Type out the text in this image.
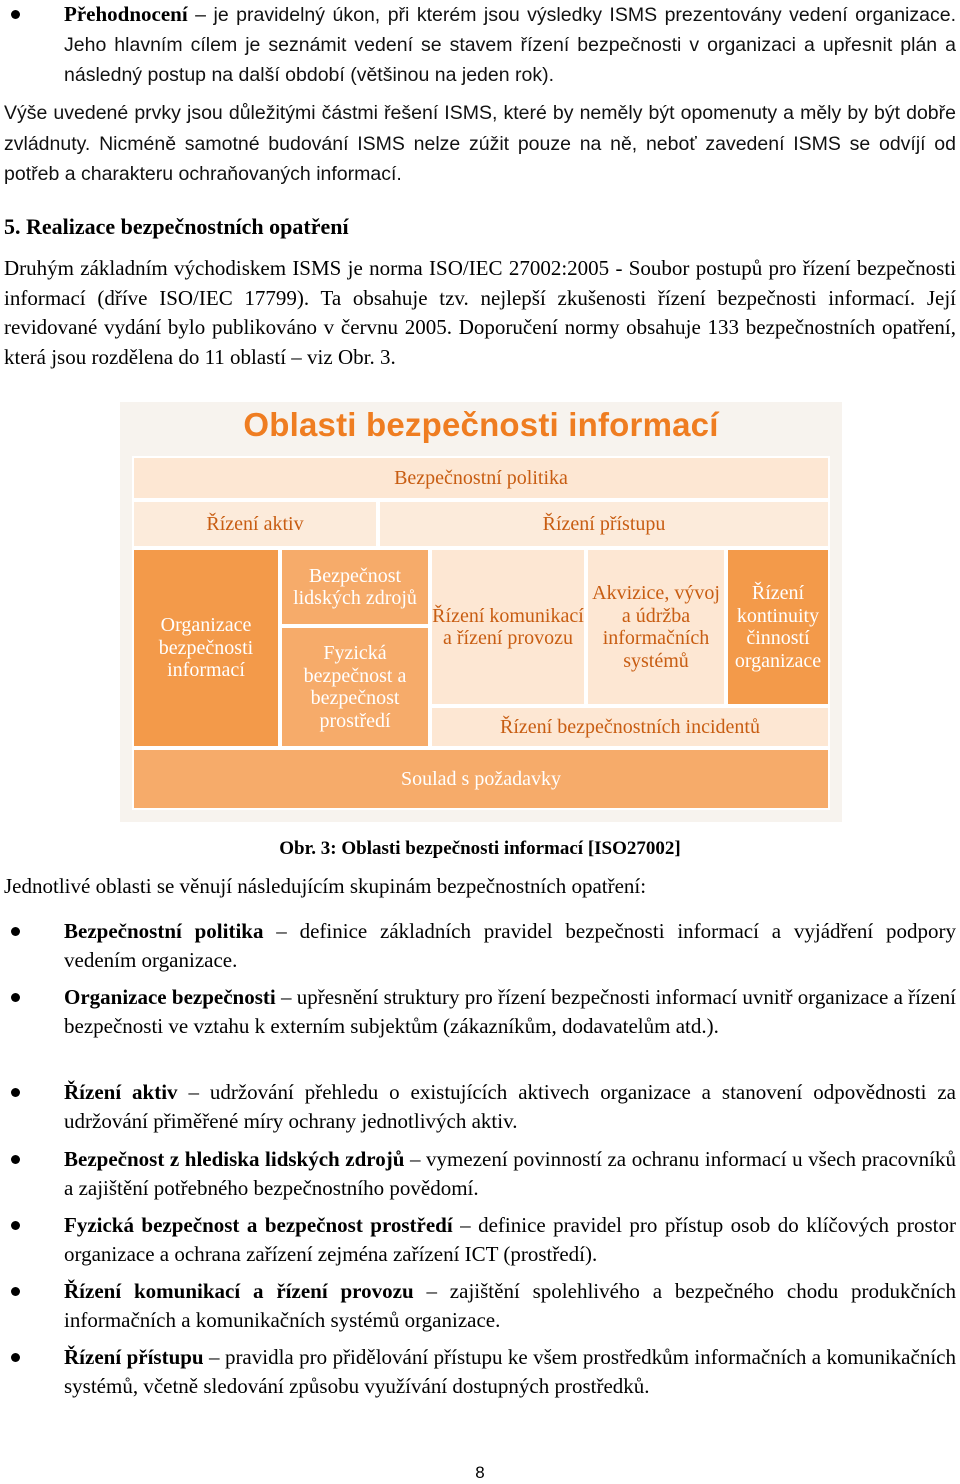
Přehodnocení – je pravidelný úkon, při kterém jsou výsledky ISMS prezentovány vedení organizace. Jeho hlavním cílem je seznámit vedení se stavem řízení bezpečnosti v organizaci a upřesnit plán a následný postup na další období (většinou na jeden rok).
Výše uvedené prvky jsou důležitými částmi řešení ISMS, které by neměly být opomenuty a měly by být dobře zvládnuty. Nicméně samotné budování ISMS nelze zúžit pouze na ně, neboť zavedení ISMS se odvíjí od potřeb a charakteru ochraňovaných informací.
5. Realizace bezpečnostních opatření
Druhým základním východiskem ISMS je norma ISO/IEC 27002:2005 - Soubor postupů pro řízení bezpečnosti informací (dříve ISO/IEC 17799). Ta obsahuje tzv. nejlepší zkušenosti řízení bezpečnosti informací. Její revidované vydání bylo publikováno v červnu 2005. Doporučení normy obsahuje 133 bezpečnostních opatření, která jsou rozdělena do 11 oblastí – viz Obr. 3.
Oblasti bezpečnosti informací
Bezpečnostní politika
Řízení aktiv	Řízení přístupu
Organizace bezpečnosti informací
Bezpečnost lidských zdrojů
Fyzická bezpečnost a bezpečnost prostředí
Řízení komunikací a řízení provozu
Akvizice, vývoj a údržba informačních systémů
Řízení kontinuity činností organizace
Řízení bezpečnostních incidentů
Soulad s požadavky
Obr. 3: Oblasti bezpečnosti informací [ISO27002]
Jednotlivé oblasti se věnují následujícím skupinám bezpečnostních opatření:
Bezpečnostní politika – definice základních pravidel bezpečnosti informací a vyjádření podpory vedením organizace.
Organizace bezpečnosti – upřesnění struktury pro řízení bezpečnosti informací uvnitř organizace a řízení bezpečnosti ve vztahu k externím subjektům (zákazníkům, dodavatelům atd.).
Řízení aktiv – udržování přehledu o existujících aktivech organizace a stanovení odpovědnosti za udržování přiměřené míry ochrany jednotlivých aktiv.
Bezpečnost z hlediska lidských zdrojů – vymezení povinností za ochranu informací u všech pracovníků a zajištění potřebného bezpečnostního povědomí.
Fyzická bezpečnost a bezpečnost prostředí – definice pravidel pro přístup osob do klíčových prostor organizace a ochrana zařízení zejména zařízení ICT (prostředí).
Řízení komunikací a řízení provozu – zajištění spolehlivého a bezpečného chodu produkčních informačních a komunikačních systémů organizace.
Řízení přístupu – pravidla pro přidělování přístupu ke všem prostředkům informačních a komunikačních systémů, včetně sledování způsobu využívání dostupných prostředků.
8
